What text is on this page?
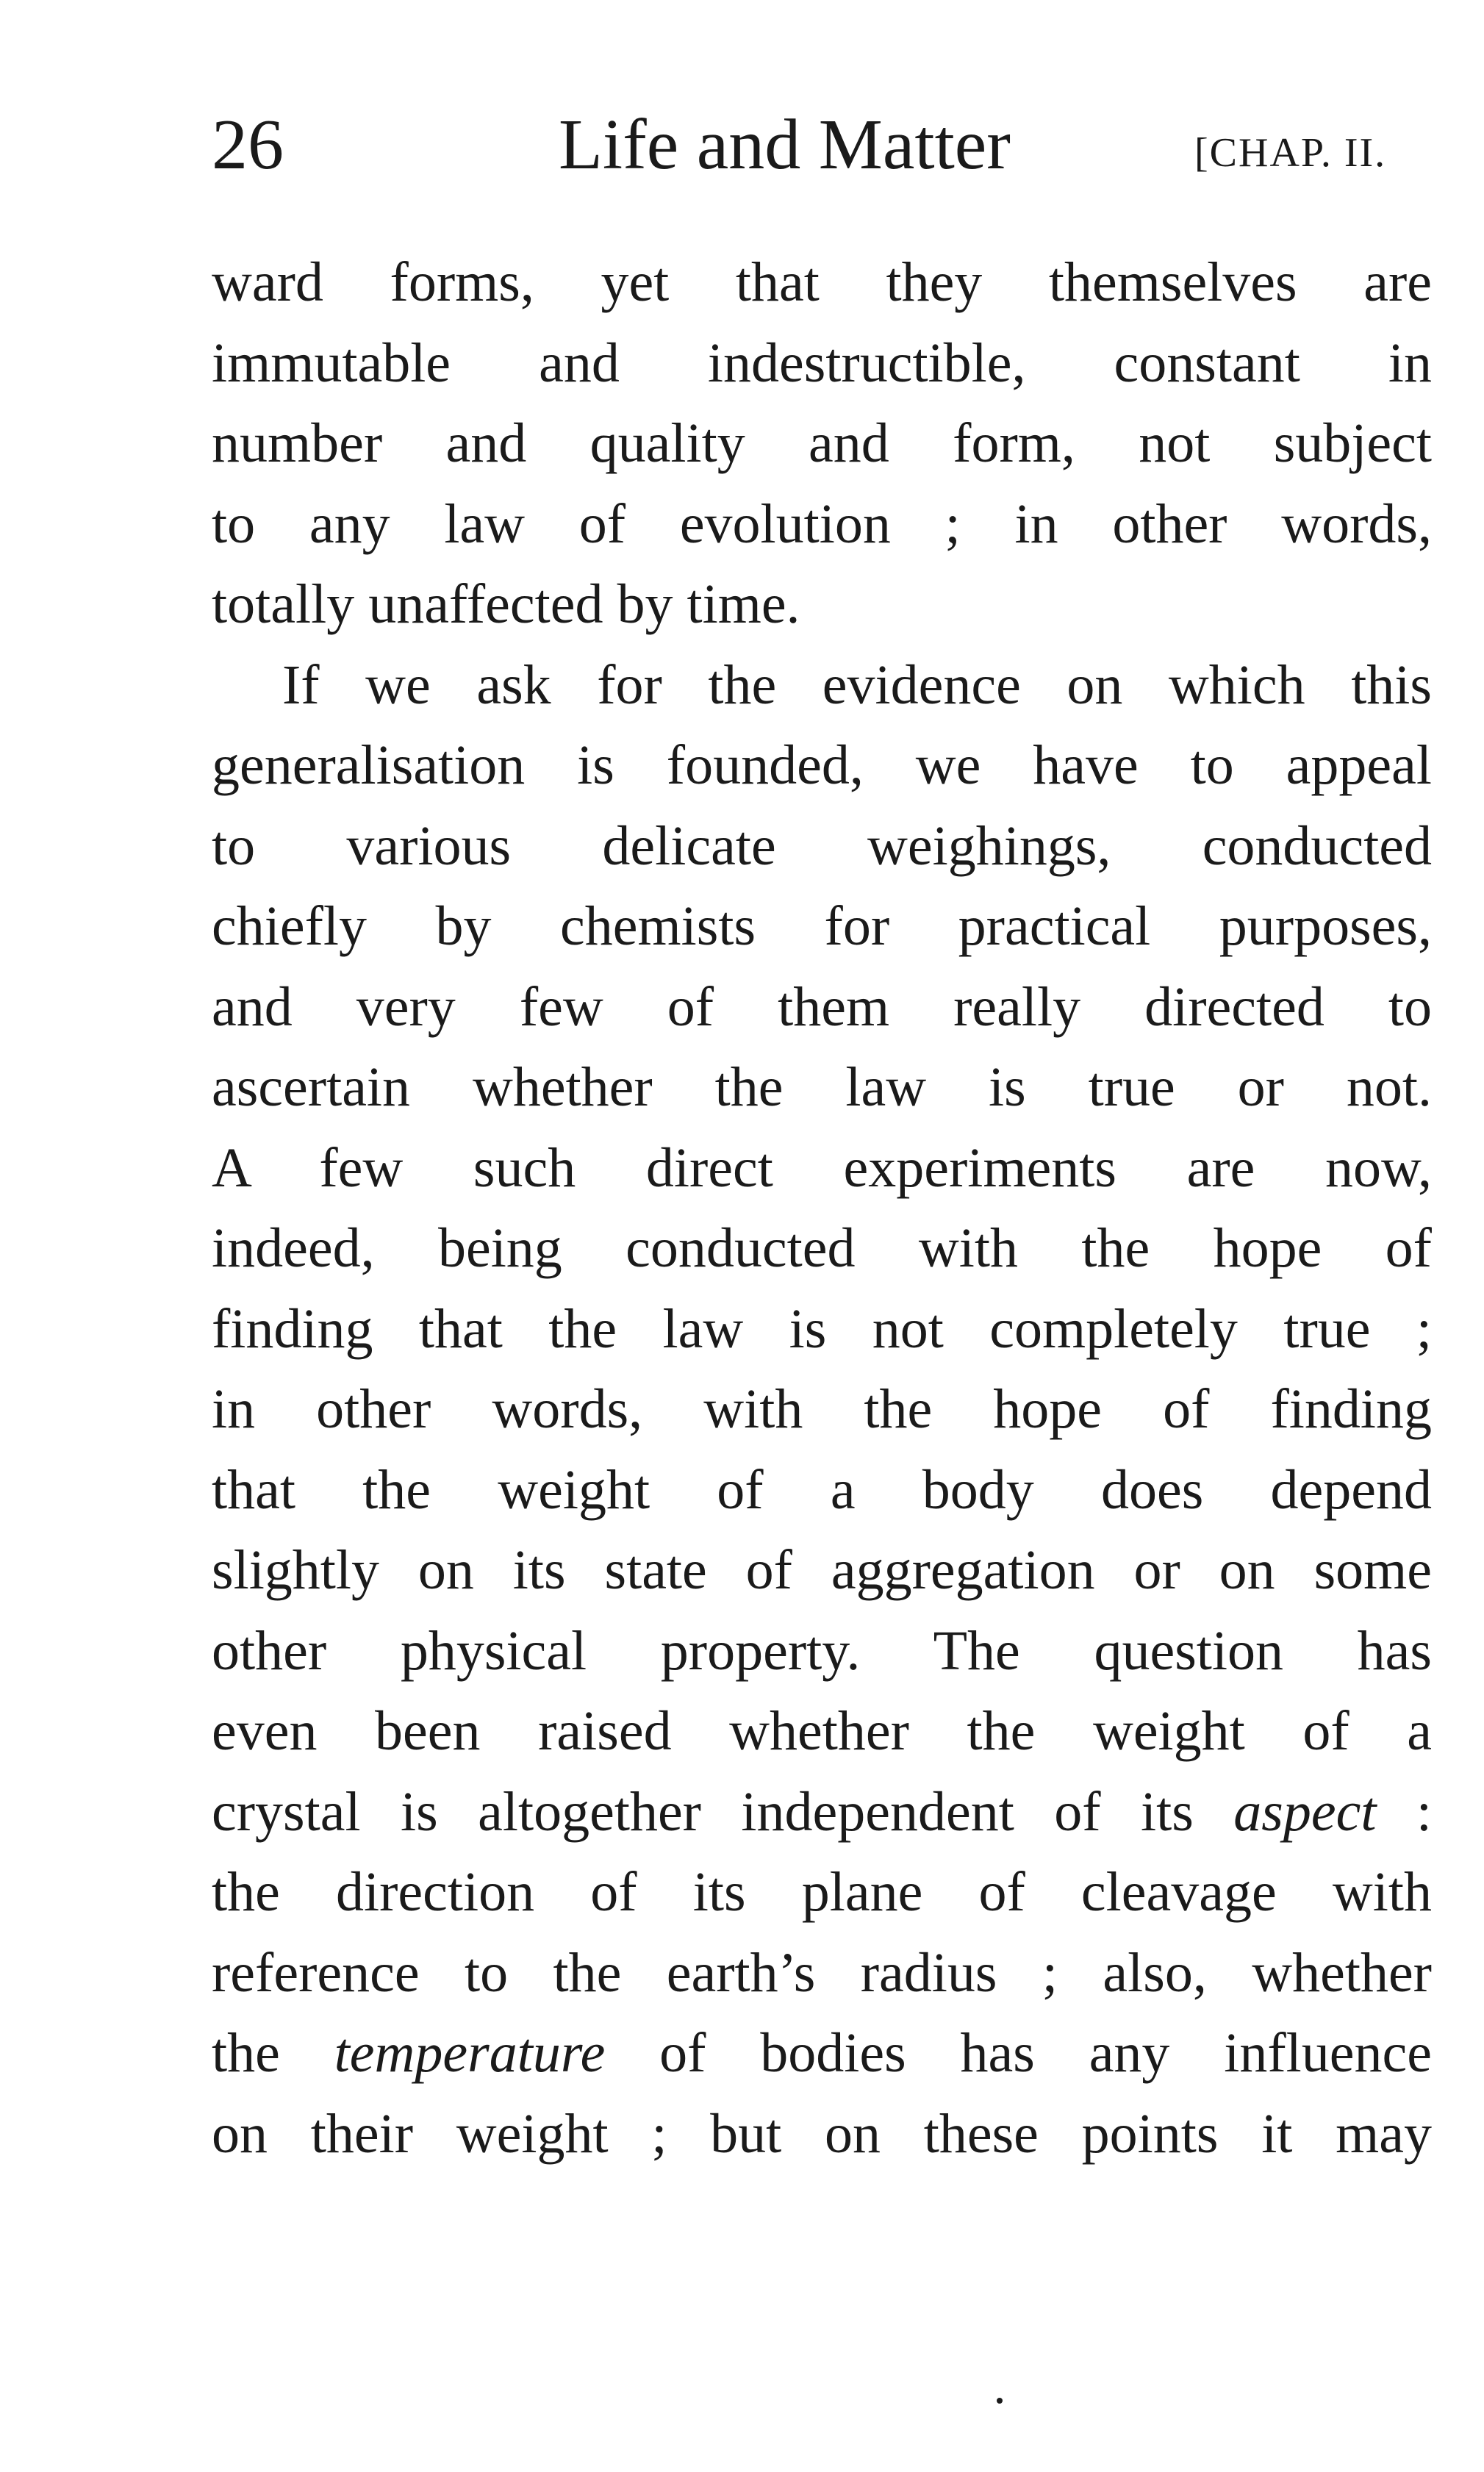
26	Life and Matter	[CHAP. II.
ward forms, yet that they themselves are
immutable and indestructible, constant in
number and quality and form, not subject
to any law of evolution ; in other words,
totally unaffected by time.
If we ask for the evidence on which this
generalisation is founded, we have to appeal
to various delicate weighings, conducted
chiefly by chemists for practical purposes,
and very few of them really directed to
ascertain whether the law is true or not.
A few such direct experiments are now,
indeed, being conducted with the hope of
finding that the law is not completely true ;
in other words, with the hope of finding
that the weight of a body does depend
slightly on its state of aggregation or on some
other physical property. The question has
even been raised whether the weight of a
crystal is altogether independent of its aspect :
the direction of its plane of cleavage with
reference to the earth’s radius ; also, whether
the temperature of bodies has any influence
on their weight ; but on these points it may
